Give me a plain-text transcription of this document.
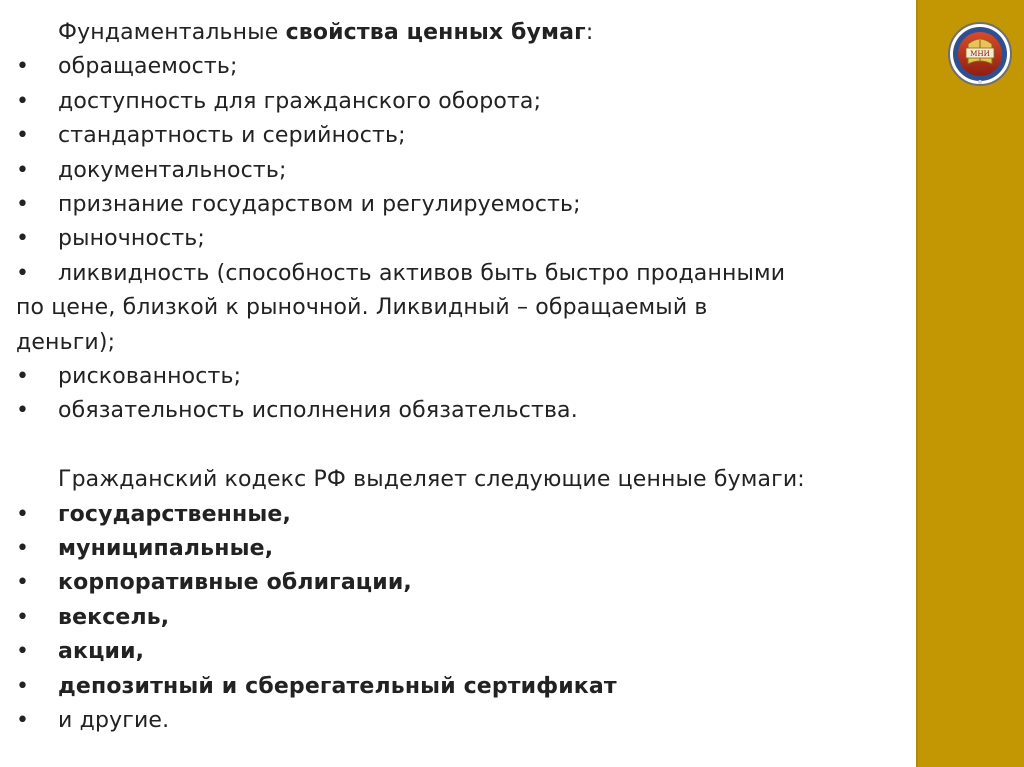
Фундаментальные свойства ценных бумаг:

•	обращаемость;
•	доступность для гражданского оборота;
•	стандартность и серийность;
•	документальность;
•	признание государством и регулируемость;
•	рыночность;
•	ликвидность (способность активов быть быстро проданными

по цене, близкой к рыночной. Ликвидный – обращаемый в

деньги);

•	рискованность;
•	обязательность исполнения обязательства.

Гражданский кодекс РФ выделяет следующие ценные бумаги:

•	государственные,
•	муниципальные,
•	корпоративные облигации,
•	вексель,
•	акции,
•	депозитный и сберегательный сертификат
•	и другие.
МНИ
